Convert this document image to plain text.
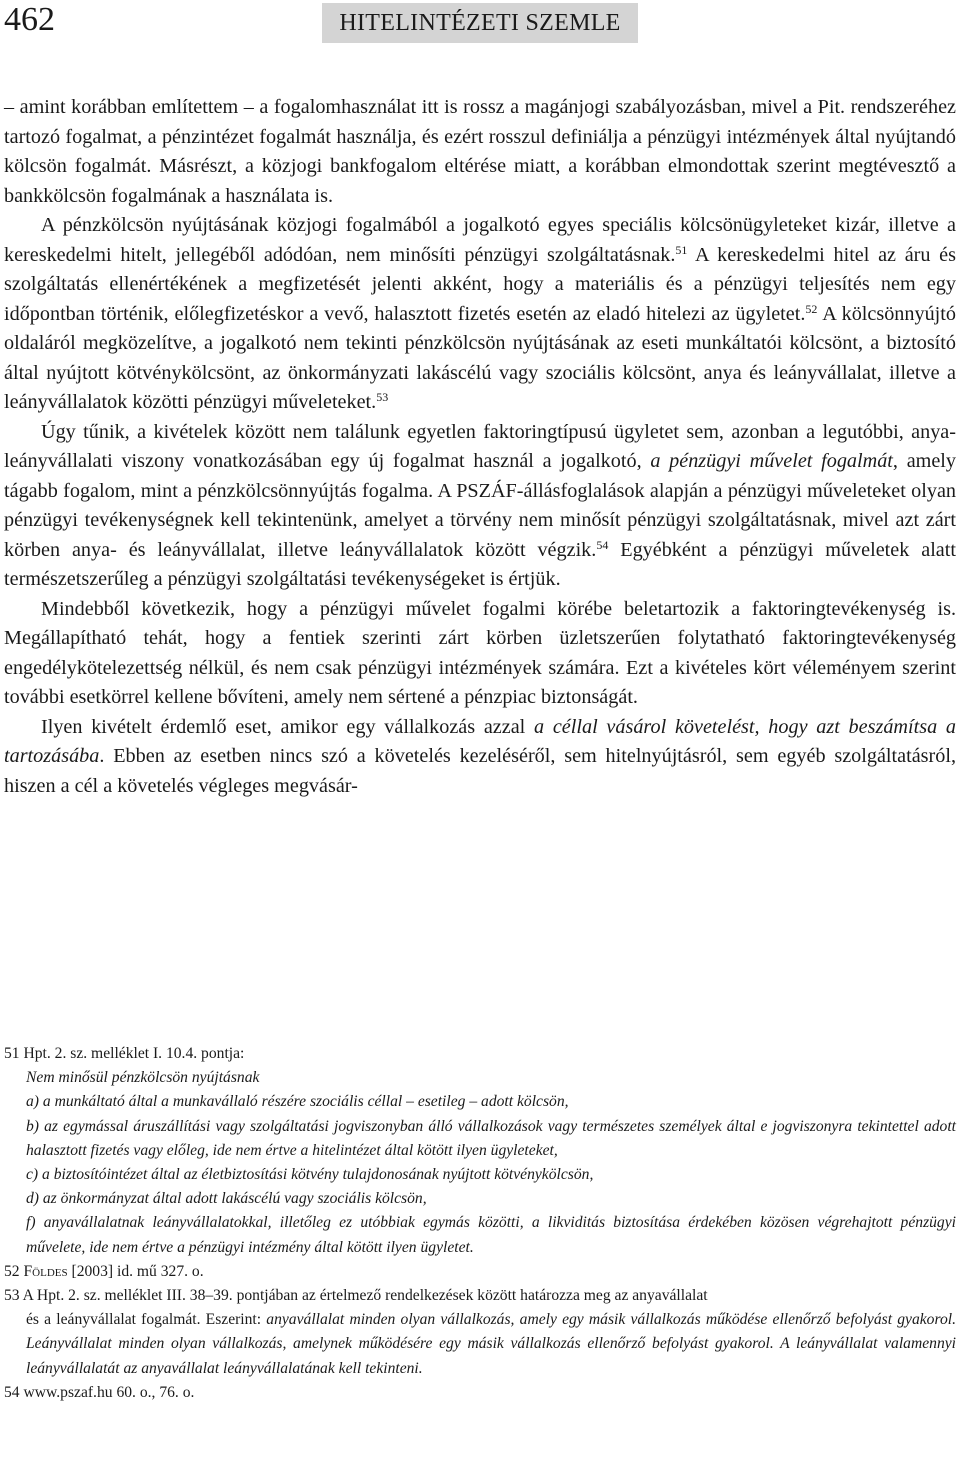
462	HITELINTÉZETI SZEMLE

– amint korábban említettem – a fogalomhasználat itt is rossz a magánjogi szabályozásban, mivel a Pit. rendszeréhez tartozó fogalmat, a pénzintézet fogalmát használja, és ezért rosszul definiálja a pénzügyi intézmények által nyújtandó kölcsön fogalmát. Másrészt, a közjogi bankfogalom eltérése miatt, a korábban elmondottak szerint megtévesztő a bankkölcsön fogalmának a használata is.

A pénzkölcsön nyújtásának közjogi fogalmából a jogalkotó egyes speciális kölcsönügyleteket kizár, illetve a kereskedelmi hitelt, jellegéből adódóan, nem minősíti pénzügyi szolgáltatásnak.$^{51}$ A kereskedelmi hitel az áru és szolgáltatás ellenértékének a megfizetését jelenti akként, hogy a materiális és a pénzügyi teljesítés nem egy időpontban történik, előlegfizetéskor a vevő, halasztott fizetés esetén az eladó hitelezi az ügyletet.$^{52}$ A kölcsönnyújtó oldaláról megközelítve, a jogalkotó nem tekinti pénzkölcsön nyújtásának az eseti munkáltatói kölcsönt, a biztosító által nyújtott kötvénykölcsönt, az önkormányzati lakáscélú vagy szociális kölcsönt, anya és leányvállalat, illetve a leányvállalatok közötti pénzügyi műveleteket.$^{53}$

Úgy tűnik, a kivételek között nem találunk egyetlen faktoringtípusú ügyletet sem, azonban a legutóbbi, anya-leányvállalati viszony vonatkozásában egy új fogalmat használ a jogalkotó, a pénzügyi művelet fogalmát, amely tágabb fogalom, mint a pénzkölcsönnyújtás fogalma. A PSZÁF-állásfoglalások alapján a pénzügyi műveleteket olyan pénzügyi tevékenységnek kell tekintenünk, amelyet a törvény nem minősít pénzügyi szolgáltatásnak, mivel azt zárt körben anya- és leányvállalat, illetve leányvállalatok között végzik.$^{54}$ Egyébként a pénzügyi műveletek alatt természetszerűleg a pénzügyi szolgáltatási tevékenységeket is értjük.

Mindebből következik, hogy a pénzügyi művelet fogalmi körébe beletartozik a faktoringtevékenység is. Megállapítható tehát, hogy a fentiek szerinti zárt körben üzletszerűen folytatható faktoringtevékenység engedélykötelezettség nélkül, és nem csak pénzügyi intézmények számára. Ezt a kivételes kört véleményem szerint további esetkörrel kellene bővíteni, amely nem sértené a pénzpiac biztonságát.

Ilyen kivételt érdemlő eset, amikor egy vállalkozás azzal a céllal vásárol követelést, hogy azt beszámítsa a tartozásába. Ebben az esetben nincs szó a követelés kezeléséről, sem hitelnyújtásról, sem egyéb szolgáltatásról, hiszen a cél a követelés végleges megvásár-

51 Hpt. 2. sz. melléklet I. 10.4. pontja:
Nem minősül pénzkölcsön nyújtásnak
a) a munkáltató által a munkavállaló részére szociális céllal – esetileg – adott kölcsön,
b) az egymással áruszállítási vagy szolgáltatási jogviszonyban álló vállalkozások vagy természetes személyek által e jogviszonyra tekintettel adott halasztott fizetés vagy előleg, ide nem értve a hitelintézet által kötött ilyen ügyleteket,
c) a biztosítóintézet által az életbiztosítási kötvény tulajdonosának nyújtott kötvénykölcsön,
d) az önkormányzat által adott lakáscélú vagy szociális kölcsön,
f) anyavállalatnak leányvállalatokkal, illetőleg ez utóbbiak egymás közötti, a likviditás biztosítása érdekében közösen végrehajtott pénzügyi művelete, ide nem értve a pénzügyi intézmény által kötött ilyen ügyletet.
52 Földes [2003] id. mű 327. o.
53 A Hpt. 2. sz. melléklet III. 38–39. pontjában az értelmező rendelkezések között határozza meg az anyavállalat
és a leányvállalat fogalmát. Eszerint: anyavállalat minden olyan vállalkozás, amely egy másik vállalkozás működése ellenőrző befolyást gyakorol. Leányvállalat minden olyan vállalkozás, amelynek működésére egy másik vállalkozás ellenőrző befolyást gyakorol. A leányvállalat valamennyi leányvállalatát az anyavállalat leányvállalatának kell tekinteni.
54 www.pszaf.hu 60. o., 76. o.
